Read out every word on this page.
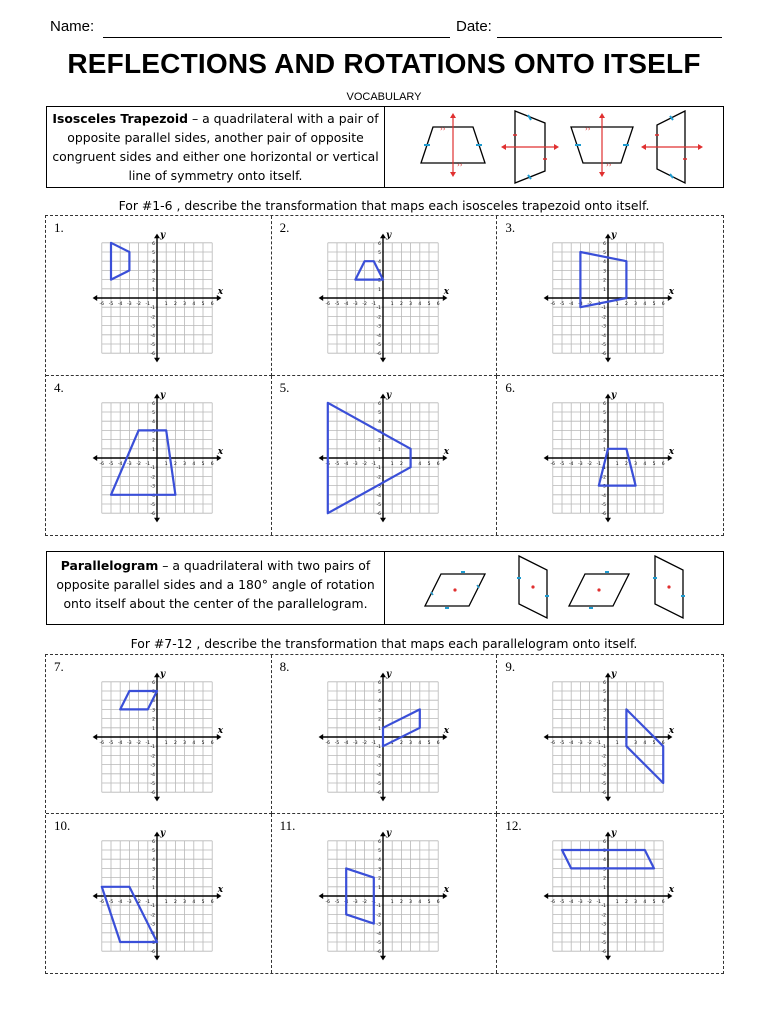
Name:	Date:
REFLECTIONS AND ROTATIONS ONTO ITSELF
VOCABULARY
Isosceles Trapezoid – a quadrilateral with a pair of opposite parallel sides, another pair of opposite congruent sides and either one horizontal or vertical line of symmetry onto itself.
››
››
››
››
For #1-6 , describe the transformation that maps each isosceles trapezoid onto itself.
1.
x
y
-6 -5 -4 -3 -2 -1	1 2 3 4 5 6
6
5
4
3
2
1
-1
-2
-3
-4
-5
-6
2.
x
y
-6 -5 -4 -3 -2 -1	1 2 3 4 5 6
6
5
4
3
2
1
-1
-2
-3
-4
-5
-6
3.
x
y
-6 -5 -4 -3 -2 -1	1 2 3 4 5 6
6
5
4
3
2
1
-1
-2
-3
-4
-5
-6
4.
x
y
-6 -5 -4 -3 -2 -1	1 2 3 4 5 6
6
5
4
3
2
1
-1
-2
-3
-4
-5
-6
5.
x
y
-6 -5 -4 -3 -2 -1	1 2 3 4 5 6
6
5
4
3
2
1
-1
-2
-3
-4
-5
-6
6.
x
y
-6 -5 -4 -3 -2 -1	1 2 3 4 5 6
6
5
4
3
2
1
-1
-2
-3
-4
-5
-6
Parallelogram – a quadrilateral with two pairs of opposite parallel sides and a 180° angle of rotation onto itself about the center of the parallelogram.
For #7-12 , describe the transformation that maps each parallelogram onto itself.
7.
x
y
-6 -5 -4 -3 -2 -1	1 2 3 4 5 6
6
5
4
3
2
1
-1
-2
-3
-4
-5
-6
8.
x
y
-6 -5 -4 -3 -2 -1	1 2 3 4 5 6
6
5
4
3
2
1
-1
-2
-3
-4
-5
-6
9.
x
y
-6 -5 -4 -3 -2 -1	1 2 3 4 5 6
6
5
4
3
2
1
-1
-2
-3
-4
-5
-6
10.
x
y
-6 -5 -4 -3 -2 -1	1 2 3 4 5 6
6
5
4
3
2
1
-1
-2
-3
-4
-5
-6
11.
x
y
-6 -5 -4 -3 -2 -1	1 2 3 4 5 6
6
5
4
3
2
1
-1
-2
-3
-4
-5
-6
12.
x
y
-6 -5 -4 -3 -2 -1	1 2 3 4 5 6
6
5
4
3
2
1
-1
-2
-3
-4
-5
-6
